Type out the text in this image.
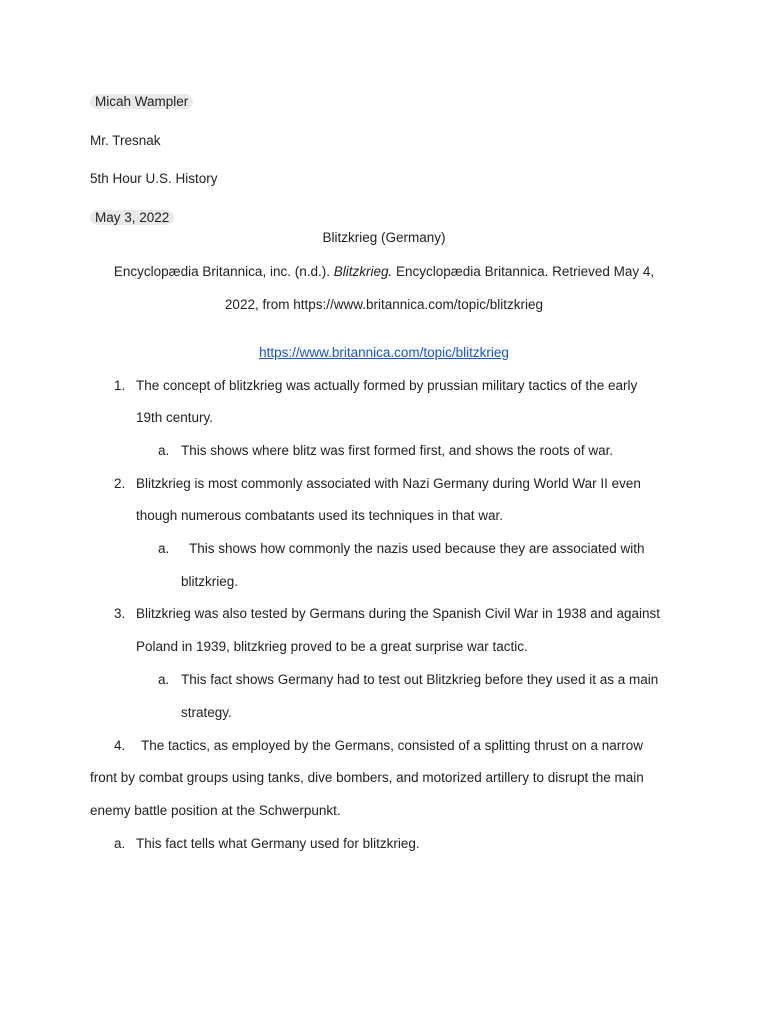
Micah Wampler
Mr. Tresnak
5th Hour U.S. History
May 3, 2022
Blitzkrieg (Germany)
Encyclopædia Britannica, inc. (n.d.). Blitzkrieg. Encyclopædia Britannica. Retrieved May 4,
2022, from https://www.britannica.com/topic/blitzkrieg
https://www.britannica.com/topic/blitzkrieg
1. The concept of blitzkrieg was actually formed by prussian military tactics of the early
19th century.
a. This shows where blitz was first formed first, and shows the roots of war.
2. Blitzkrieg is most commonly associated with Nazi Germany during World War II even
though numerous combatants used its techniques in that war.
a. This shows how commonly the nazis used because they are associated with
blitzkrieg.
3. Blitzkrieg was also tested by Germans during the Spanish Civil War in 1938 and against
Poland in 1939, blitzkrieg proved to be a great surprise war tactic.
a. This fact shows Germany had to test out Blitzkrieg before they used it as a main
strategy.
4. The tactics, as employed by the Germans, consisted of a splitting thrust on a narrow
front by combat groups using tanks, dive bombers, and motorized artillery to disrupt the main
enemy battle position at the Schwerpunkt.
a. This fact tells what Germany used for blitzkrieg.
